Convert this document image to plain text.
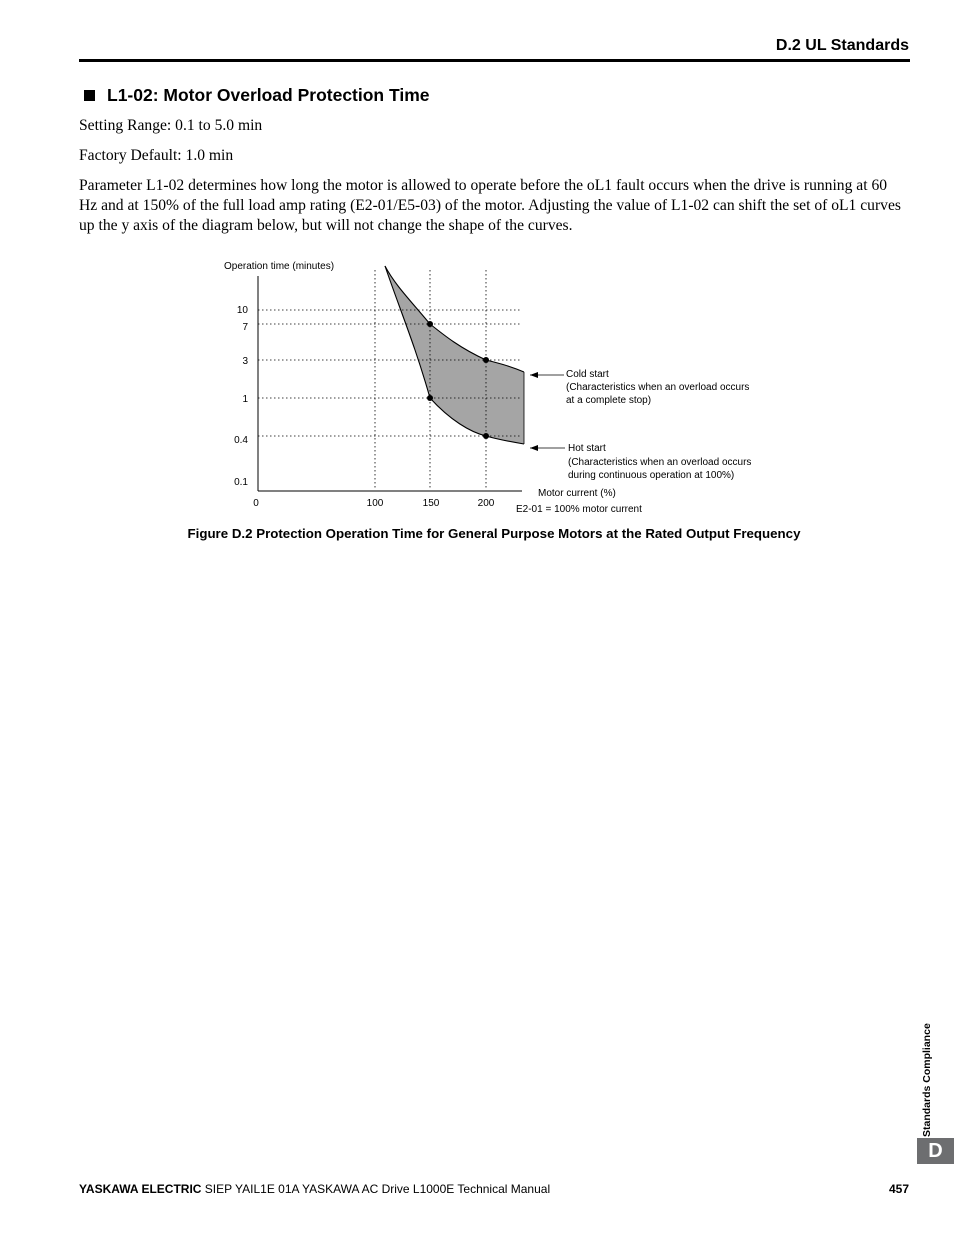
D.2 UL Standards
L1-02: Motor Overload Protection Time

Setting Range: 0.1 to 5.0 min

Factory Default: 1.0 min

Parameter L1-02 determines how long the motor is allowed to operate before the oL1 fault occurs when the drive is running at 60 Hz and at 150% of the full load amp rating (E2-01/E5-03) of the motor. Adjusting the value of L1-02 can shift the set of oL1 curves up the y axis of the diagram below, but will not change the shape of the curves.

Operation time (minutes)
10
7
3
1
0.4
0.1
0	100	150	200
Motor current (%)
E2-01 = 100% motor current
Cold start
(Characteristics when an overload occurs
at a complete stop)
Hot start
(Characteristics when an overload occurs
during continuous operation at 100%)
Figure D.2 Protection Operation Time for General Purpose Motors at the Rated Output Frequency
Standards Compliance
D
YASKAWA ELECTRIC SIEP YAIL1E 01A YASKAWA AC Drive L1000E Technical Manual	457
